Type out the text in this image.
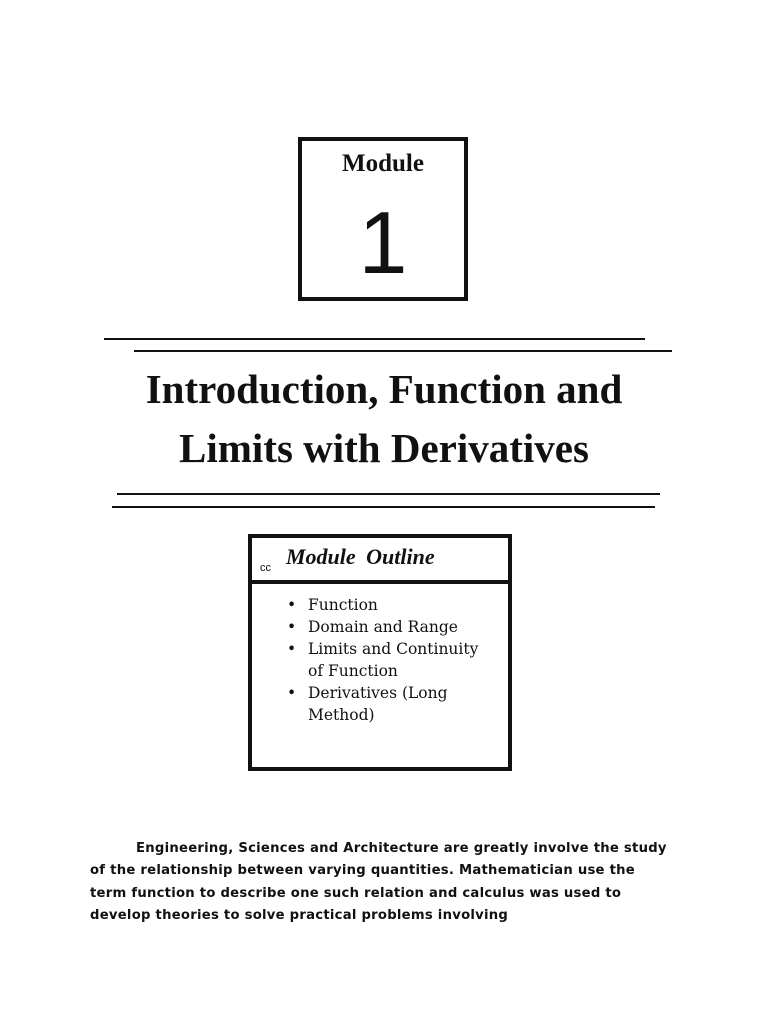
Module
1
Introduction, Function and
Limits with Derivatives
cc Module Outline
• Function
• Domain and Range
• Limits and Continuity of Function
• Derivatives (Long Method)

Engineering, Sciences and Architecture are greatly involve the study of the relationship between varying quantities. Mathematician use the term function to describe one such relation and calculus was used to develop theories to solve practical problems involving
